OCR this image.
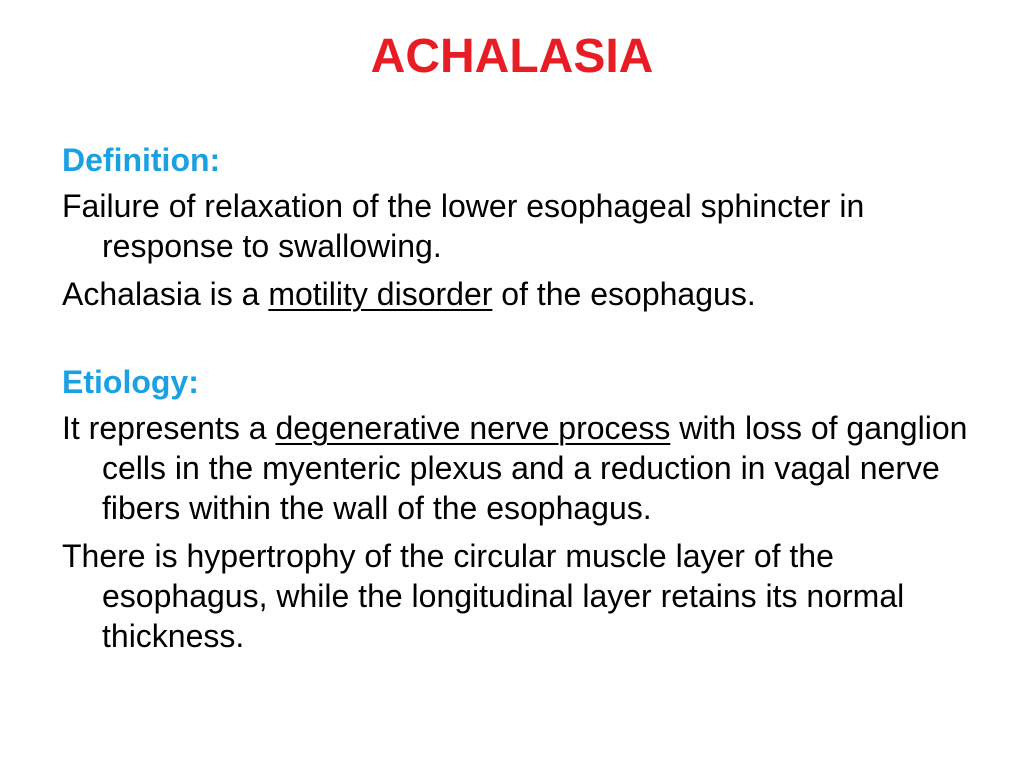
ACHALASIA
Definition:

Failure of relaxation of the lower esophageal sphincter in response to swallowing.

Achalasia is a motility disorder of the esophagus.

Etiology:

It represents a degenerative nerve process with loss of ganglion cells in the myenteric plexus and a reduction in vagal nerve fibers within the wall of the esophagus.

There is hypertrophy of the circular muscle layer of the esophagus, while the longitudinal layer retains its normal thickness.
